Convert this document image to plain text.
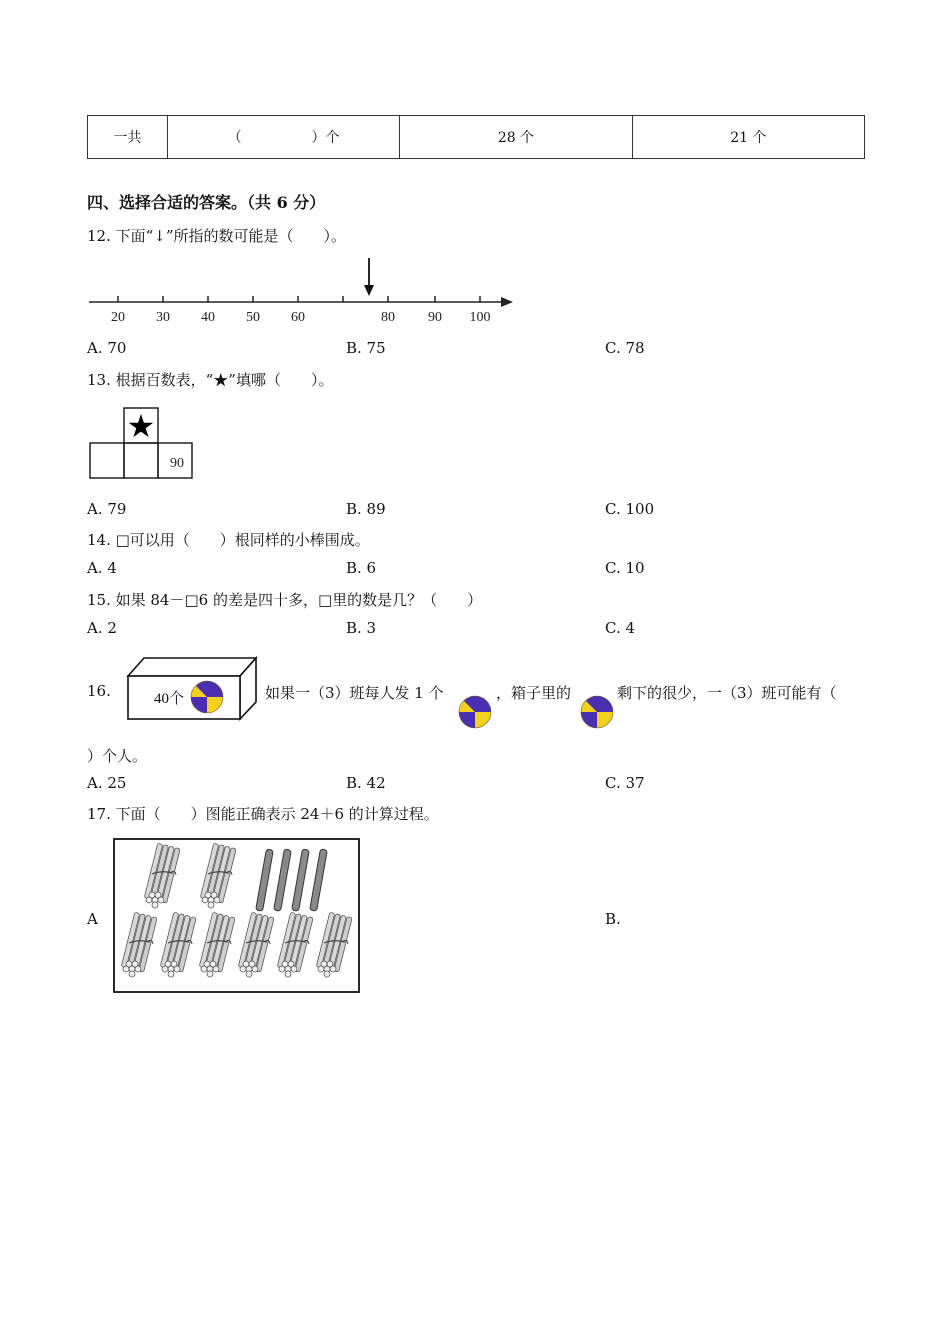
一共	（　　　　　）个	28 个	21 个
四、选择合适的答案。（共 6 分）
12. 下面“↓”所指的数可能是（　　）。
20 30 40 50 60	80 90 100
A. 70	B. 75	C. 78
13. 根据百数表，“★”填哪（　　）。
★
90
A. 79	B. 89	C. 100
14. □可以用（　　）根同样的小棒围成。
A. 4	B. 6	C. 10
15. 如果 84－□6 的差是四十多，□里的数是几？（　　）
A. 2	B. 3	C. 4
16.	40个	如果一（3）班每人发 1 个	，箱子里的	剩下的很少，一（3）班可能有（
）个人。
A. 25	B. 42	C. 37
17. 下面（　　）图能正确表示 24＋6 的计算过程。
A	B.
